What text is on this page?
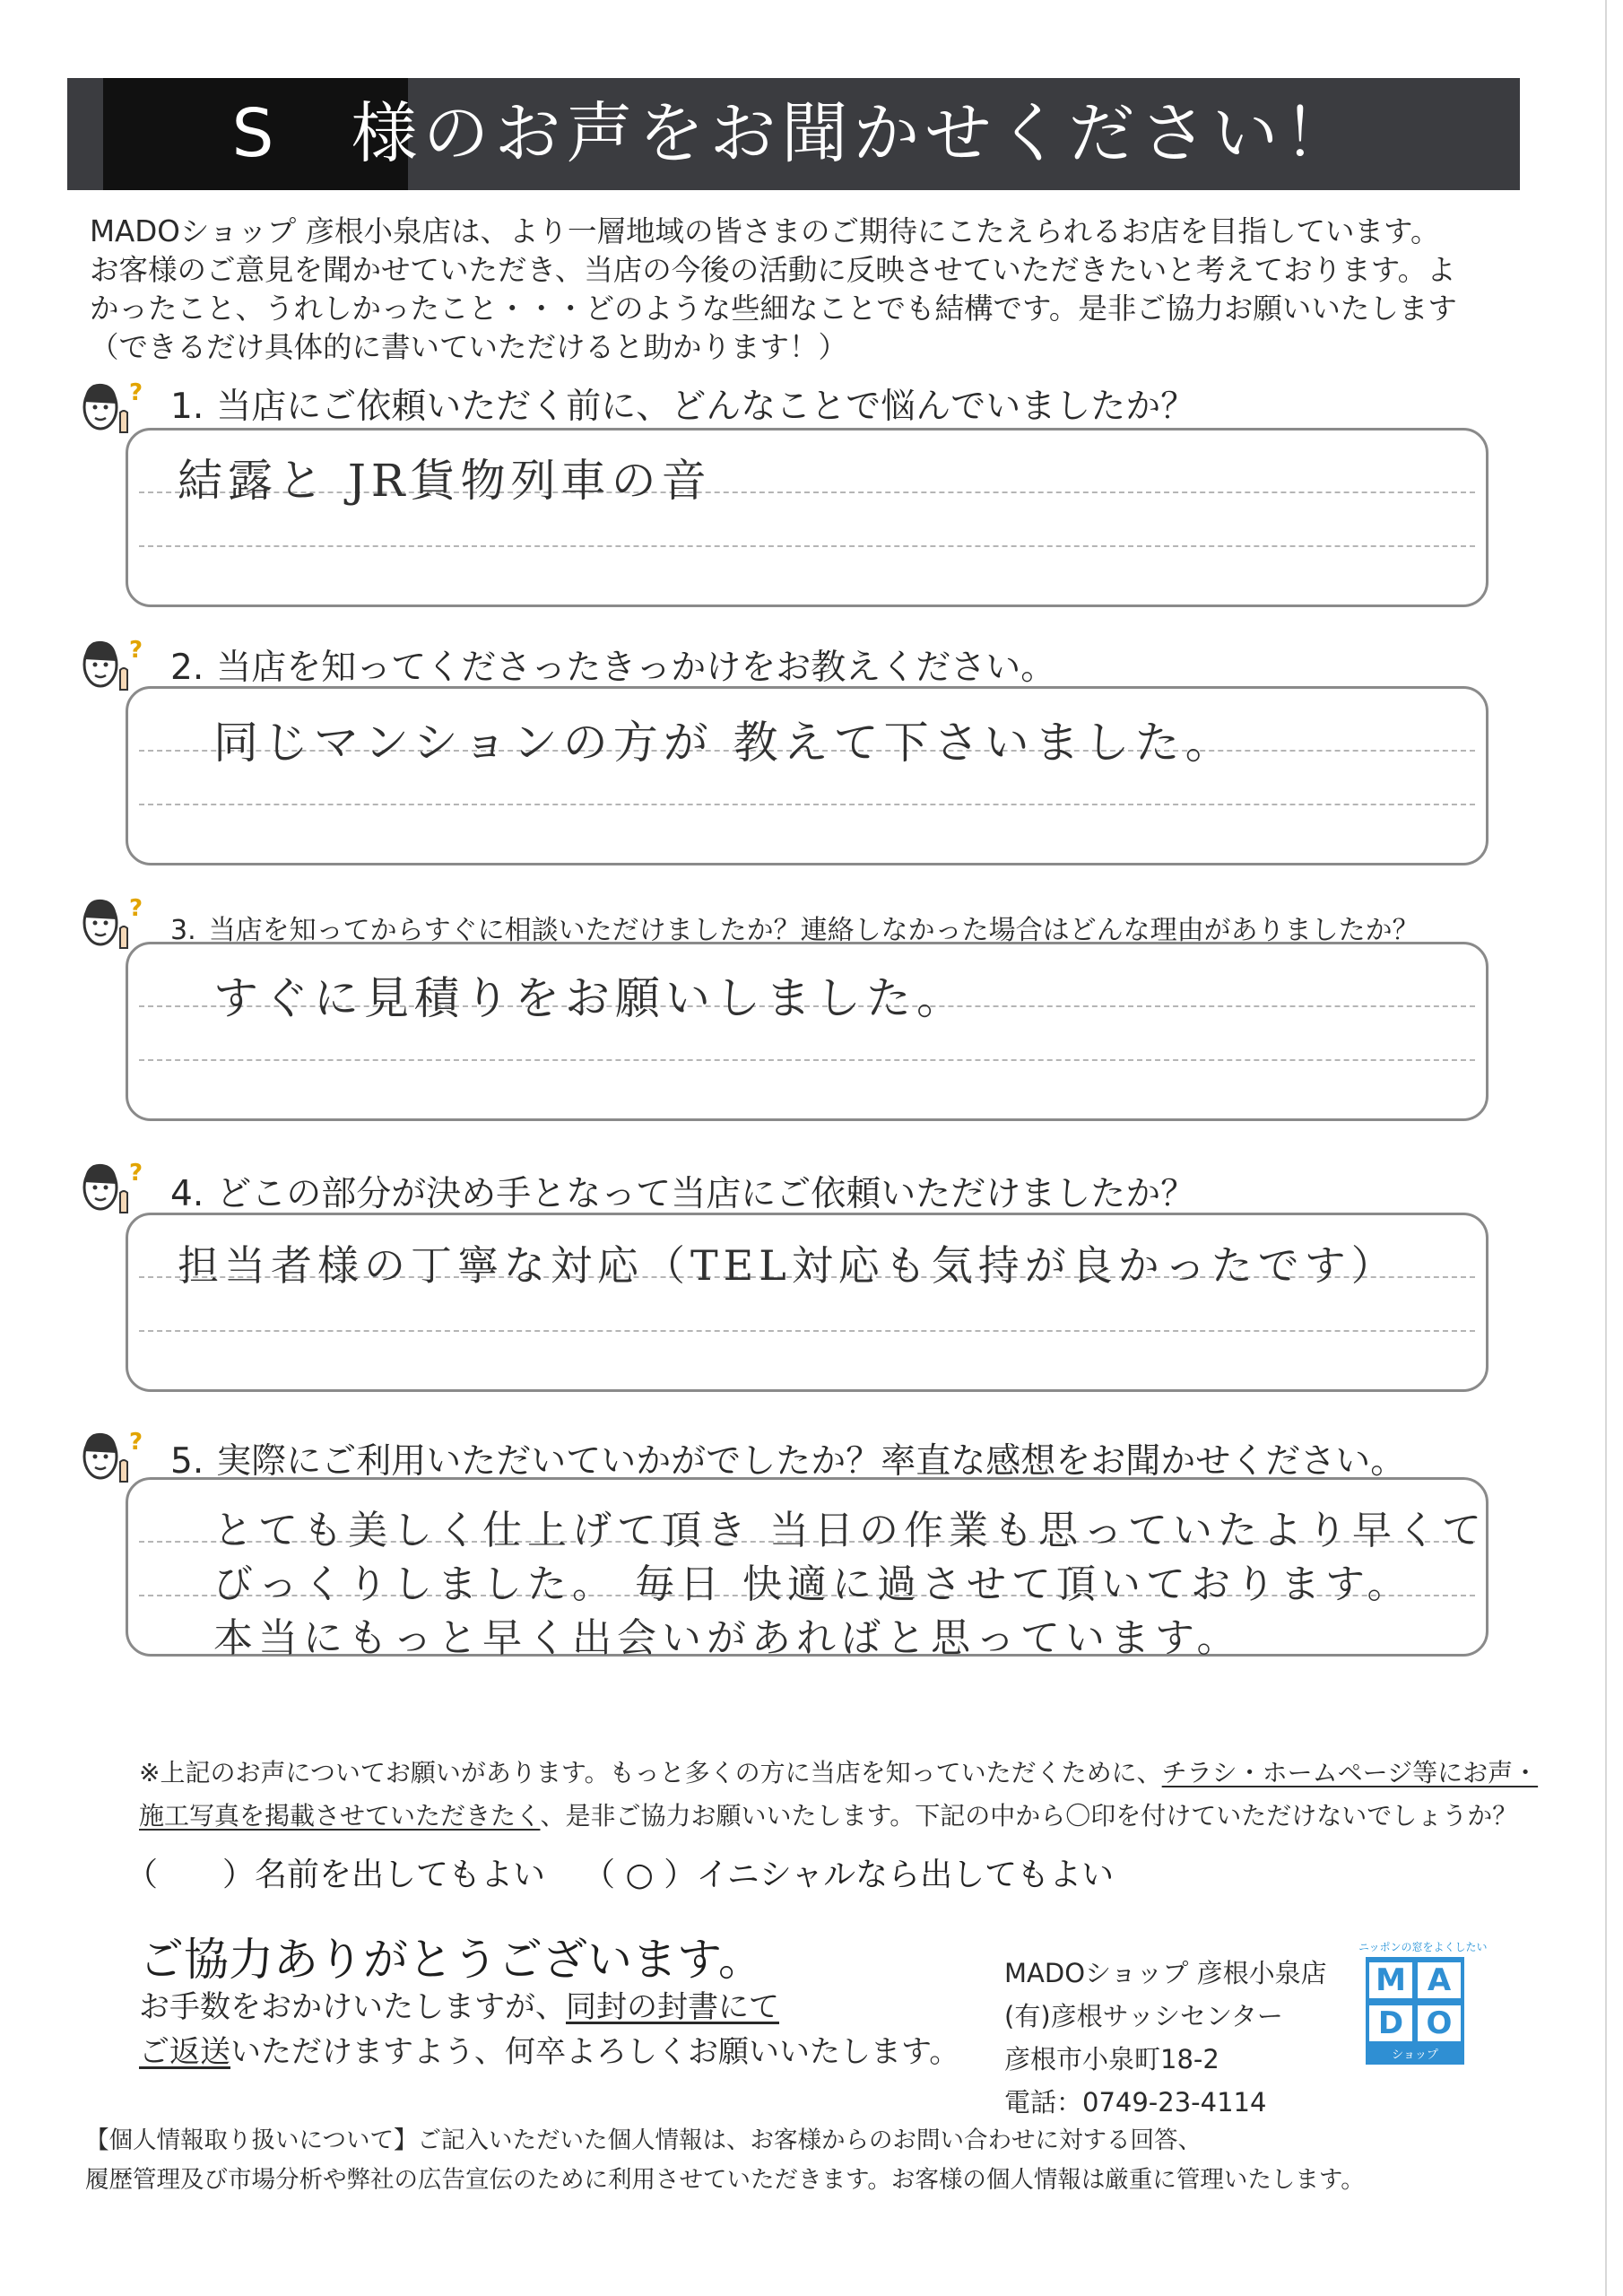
S　様のお声をお聞かせください！
MADOショップ 彦根小泉店は、より一層地域の皆さまのご期待にこたえられるお店を目指しています。
お客様のご意見を聞かせていただき、当店の今後の活動に反映させていただきたいと考えております。よ
かったこと、うれしかったこと・・・どのような些細なことでも結構です。是非ご協力お願いいたします
（できるだけ具体的に書いていただけると助かります！）
? 1. 当店にご依頼いただく前に、どんなことで悩んでいましたか？
結露と JR貨物列車の音
? 2. 当店を知ってくださったきっかけをお教えください。
同じマンションの方が 教えて下さいました。
?
3. 当店を知ってからすぐに相談いただけましたか？連絡しなかった場合はどんな理由がありましたか？
すぐに見積りをお願いしました。
?
4. どこの部分が決め手となって当店にご依頼いただけましたか？
担当者様の丁寧な対応（TEL対応も気持が良かったです）
? 5. 実際にご利用いただいていかがでしたか？率直な感想をお聞かせください。
とても美しく仕上げて頂き 当日の作業も思っていたより早くて
びっくりしました。 毎日 快適に過させて頂いております。
本当にもっと早く出会いがあればと思っています。
※上記のお声についてお願いがあります。もっと多くの方に当店を知っていただくために、チラシ・ホームページ等にお声・
施工写真を掲載させていただきたく、是非ご協力お願いいたします。下記の中から〇印を付けていただけないでしょうか？
（　　）名前を出してもよい （ ○ ）イニシャルなら出してもよい
ご協力ありがとうございます。
お手数をおかけいたしますが、同封の封書にて
ご返送いただけますよう、何卒よろしくお願いいたします。
MADOショップ 彦根小泉店
(有)彦根サッシセンター
彦根市小泉町18-2
電話：0749-23-4114
ニッポンの窓をよくしたい
M A
D O
ショップ
【個人情報取り扱いについて】ご記入いただいた個人情報は、お客様からのお問い合わせに対する回答、
履歴管理及び市場分析や弊社の広告宣伝のために利用させていただきます。お客様の個人情報は厳重に管理いたします。
